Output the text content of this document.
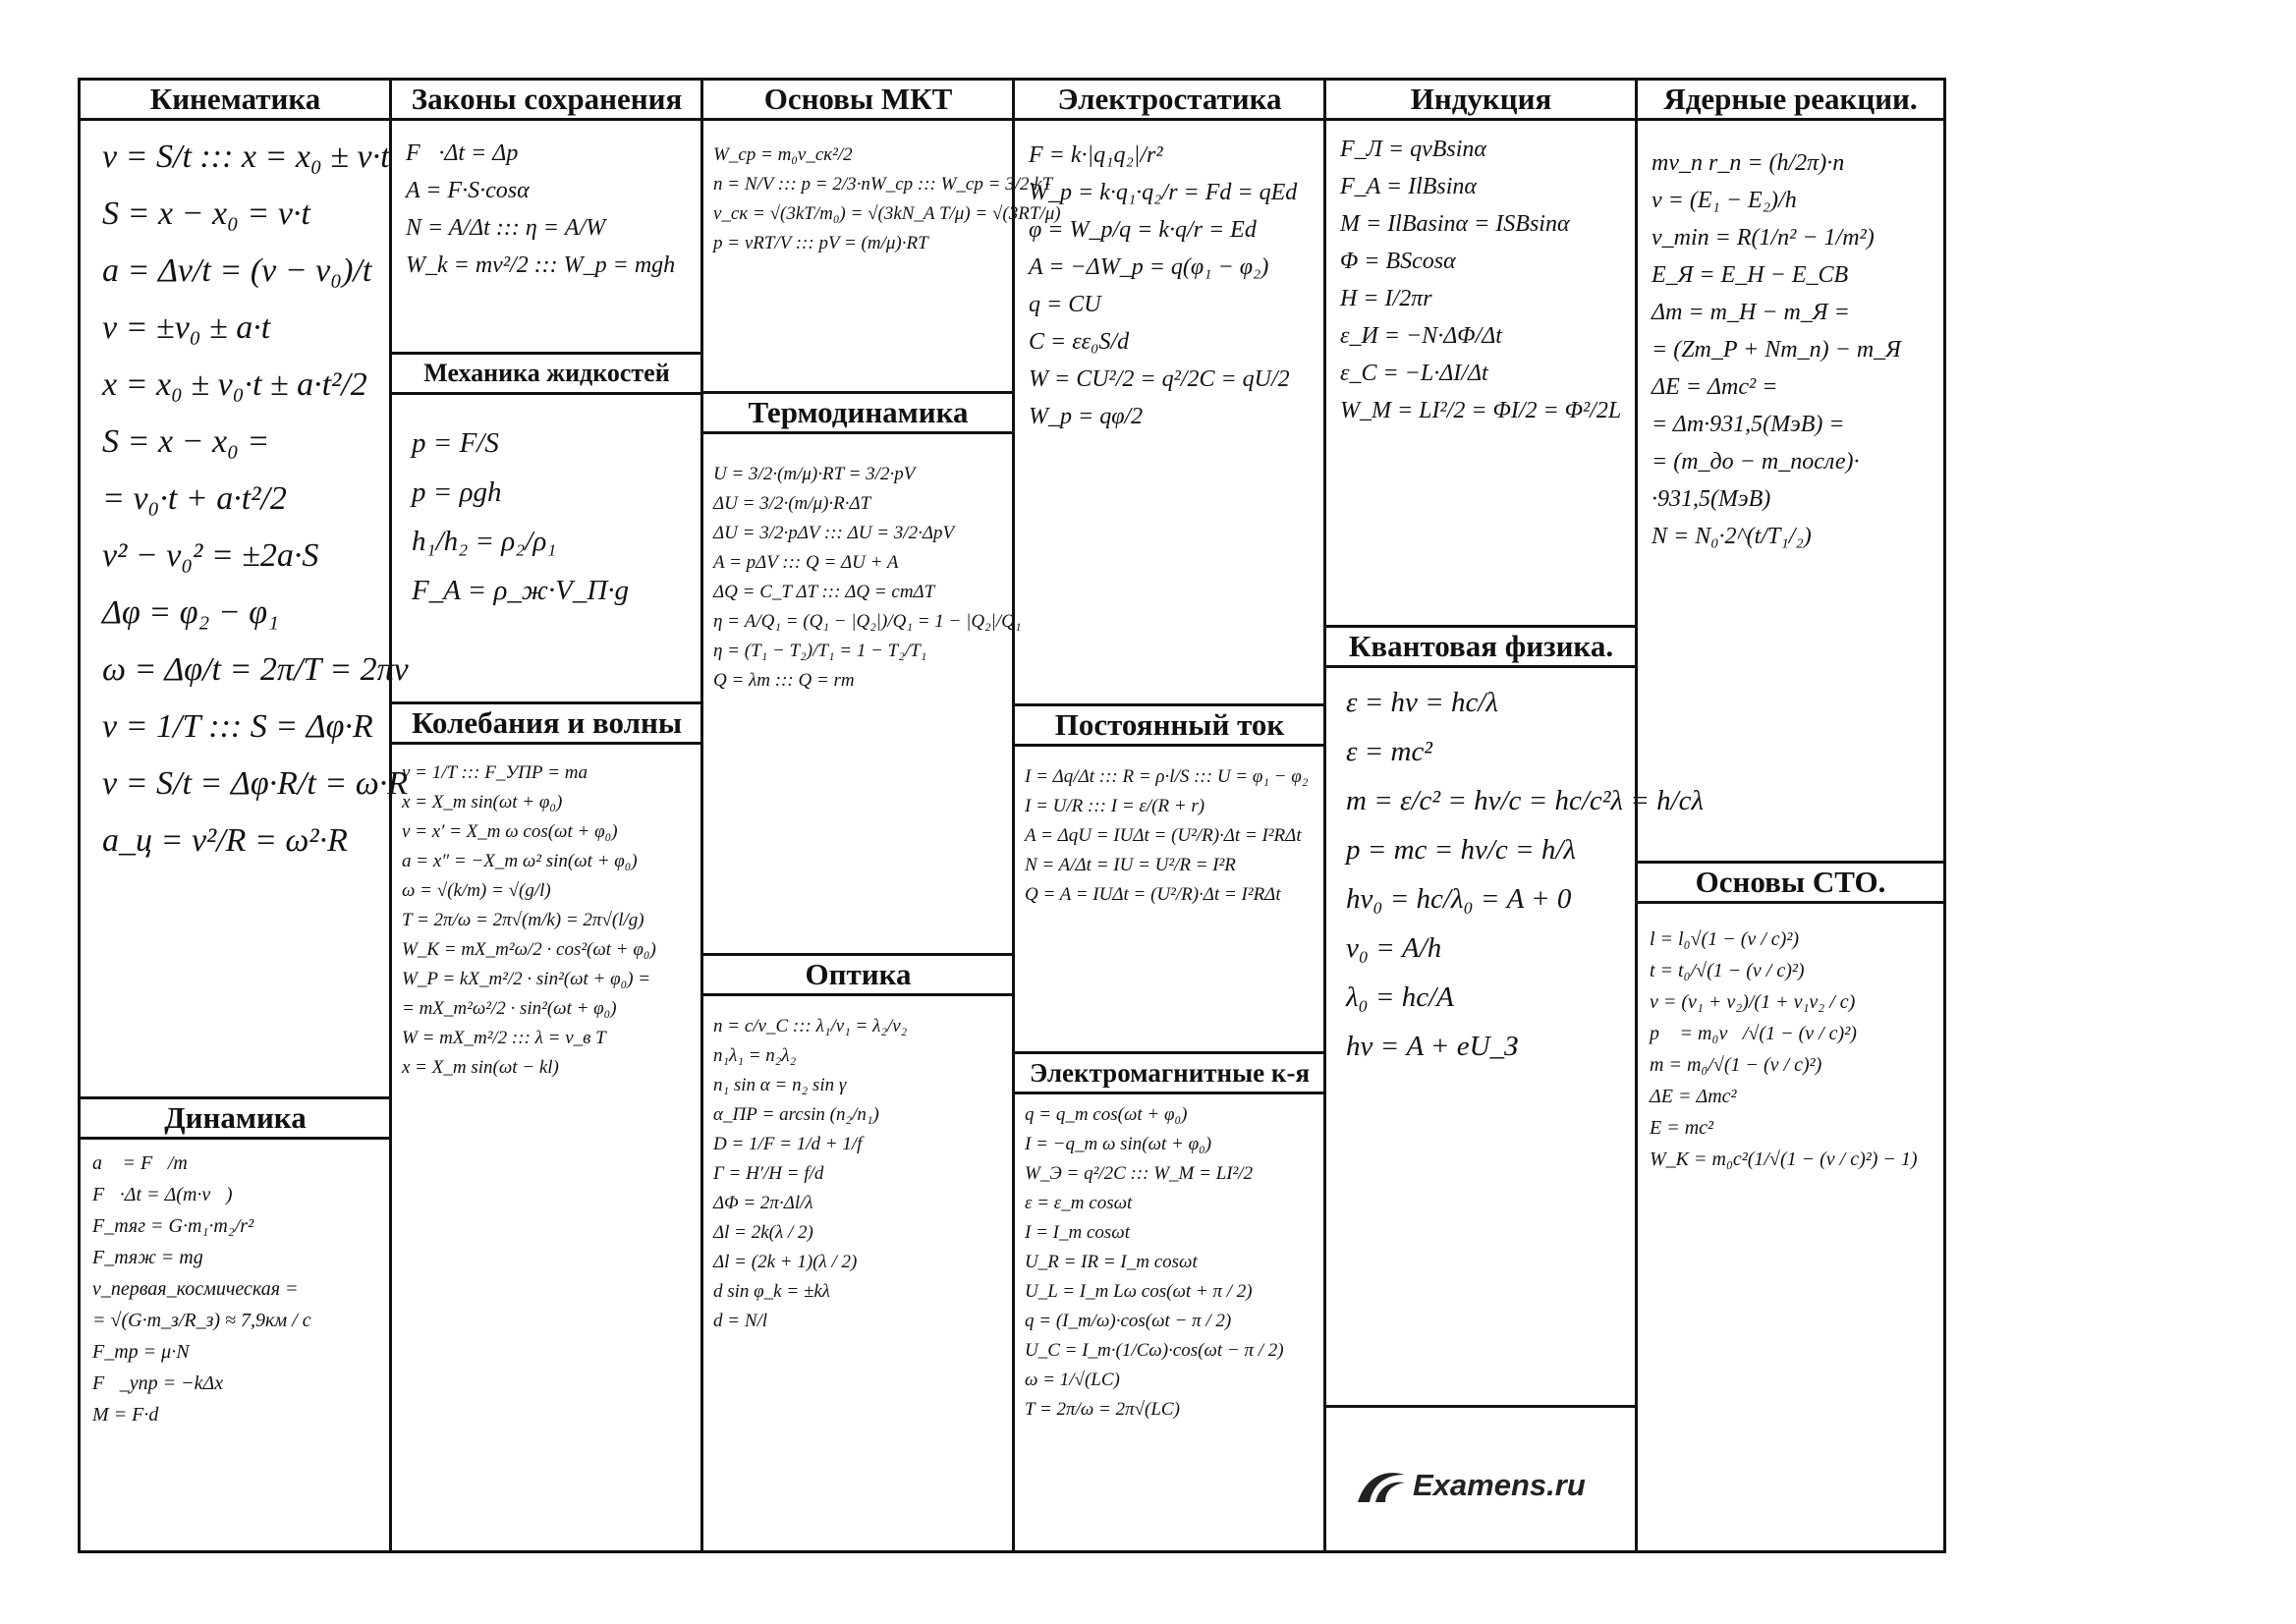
Кинематика
v = S/t ::: x = x₀ ± v·t
S = x − x₀ = v·t
a = Δv/t = (v − v₀)/t
v = ±v₀ ± a·t
x = x₀ ± v₀·t ± a·t²/2
S = x − x₀ =
= v₀·t + a·t²/2
v² − v₀² = ±2a·S
Δφ = φ₂ − φ₁
ω = Δφ/t = 2π/T = 2πν
ν = 1/T ::: S = Δφ·R
v = S/t = Δφ·R/t = ω·R
a_ц = v²/R = ω²·R
Динамика
a⃗ = F⃗/m
F⃗·Δt = Δ(m·v⃗)
F_тяг = G·m₁·m₂/r²
F_тяж = mg
v_первая_космическая =
= √(G·m_з/R_з) ≈ 7,9км / с
F_тр = μ·N
F⃗_упр = −kΔx⃗
M = F·d
Законы сохранения
F⃗·Δt = Δp⃗
A = F·S·cosα
N = A/Δt ::: η = A/W
W_k = mv²/2 ::: W_p = mgh
Механика жидкостей
p = F/S
p = ρgh
h₁/h₂ = ρ₂/ρ₁
F_A = ρ_ж·V_П·g
Колебания и волны
ν = 1/T ::: F_УПР = ma
x = X_m sin(ωt + φ₀)
v = x′ = X_m ω cos(ωt + φ₀)
a = x″ = −X_m ω² sin(ωt + φ₀)
ω = √(k/m) = √(g/l)
T = 2π/ω = 2π√(m/k) = 2π√(l/g)
W_K = mX_m²ω/2 · cos²(ωt + φ₀)
W_P = kX_m²/2 · sin²(ωt + φ₀) =
= mX_m²ω²/2 · sin²(ωt + φ₀)
W = mX_m²/2 ::: λ = v_в T
x = X_m sin(ωt − kl)
Основы МКТ
W_ср = m₀v_ск²/2
n = N/V ::: p = 2/3·nW_ср ::: W_ср = 3/2·kT
v_ск = √(3kT/m₀) = √(3kN_A T/μ) = √(3RT/μ)
p = νRT/V ::: pV = (m/μ)·RT
Термодинамика
U = 3/2·(m/μ)·RT = 3/2·pV
ΔU = 3/2·(m/μ)·R·ΔT
ΔU = 3/2·pΔV ::: ΔU = 3/2·ΔpV
A = pΔV ::: Q = ΔU + A
ΔQ = C_T ΔT ::: ΔQ = cmΔT
η = A/Q₁ = (Q₁ − |Q₂|)/Q₁ = 1 − |Q₂|/Q₁
η = (T₁ − T₂)/T₁ = 1 − T₂/T₁
Q = λm ::: Q = rm
Оптика
n = c/v_C ::: λ₁/v₁ = λ₂/v₂
n₁λ₁ = n₂λ₂
n₁ sin α = n₂ sin γ
α_ПР = arcsin (n₂/n₁)
D = 1/F = 1/d + 1/f
Г = H′/H = f/d
ΔΦ = 2π·Δl/λ
Δl = 2k(λ / 2)
Δl = (2k + 1)(λ / 2)
d sin φ_k = ±kλ
d = N/l
Электростатика
F = k·|q₁q₂|/r²
W_p = k·q₁·q₂/r = Fd = qEd
φ = W_p/q = k·q/r = Ed
A = −ΔW_p = q(φ₁ − φ₂)
q = CU
C = εε₀S/d
W = CU²/2 = q²/2C = qU/2
W_p = qφ/2
Постоянный ток
I = Δq/Δt ::: R = ρ·l/S ::: U = φ₁ − φ₂
I = U/R ::: I = ε/(R + r)
A = ΔqU = IUΔt = (U²/R)·Δt = I²RΔt
N = A/Δt = IU = U²/R = I²R
Q = A = IUΔt = (U²/R)·Δt = I²RΔt
Электромагнитные к-я
q = q_m cos(ωt + φ₀)
I = −q_m ω sin(ωt + φ₀)
W_Э = q²/2C ::: W_М = LI²/2
ε = ε_m cosωt
I = I_m cosωt
U_R = IR = I_m cosωt
U_L = I_m Lω cos(ωt + π / 2)
q = (I_m/ω)·cos(ωt − π / 2)
U_C = I_m·(1/Cω)·cos(ωt − π / 2)
ω = 1/√(LC)
T = 2π/ω = 2π√(LC)
Индукция
F_Л = qvBsinα
F_A = IlBsinα
M = IlBasinα = ISBsinα
Φ = BScosα
H = I/2πr
ε_И = −N·ΔΦ/Δt
ε_C = −L·ΔI/Δt
W_М = LI²/2 = ΦI/2 = Φ²/2L
Квантовая физика.
ε = hν = hc/λ
ε = mc²
m = ε/c² = hν/c = hc/c²λ = h/cλ
p = mc = hν/c = h/λ
hν₀ = hc/λ₀ = A + 0
ν₀ = A/h
λ₀ = hc/A
hν = A + eU_З
Examens.ru
Ядерные реакции.
mv_n r_n = (h/2π)·n
ν = (E₁ − E₂)/h
ν_min = R(1/n² − 1/m²)
E_Я = E_Н − E_СВ
Δm = m_Н − m_Я =
= (Zm_P + Nm_n) − m_Я
ΔE = Δmc² =
= Δm·931,5(МэВ) =
= (m_до − m_после)·
·931,5(МэВ)
N = N₀·2^(t/T₁/₂)
Основы СТО.
l = l₀√(1 − (v / c)²)
t = t₀/√(1 − (v / c)²)
v = (v₁ + v₂)/(1 + v₁v₂ / c)
p⃗ = m₀v⃗/√(1 − (v / c)²)
m = m₀/√(1 − (v / c)²)
ΔE = Δmc²
E = mc²
W_K = m₀c²(1/√(1 − (v / c)²) − 1)
